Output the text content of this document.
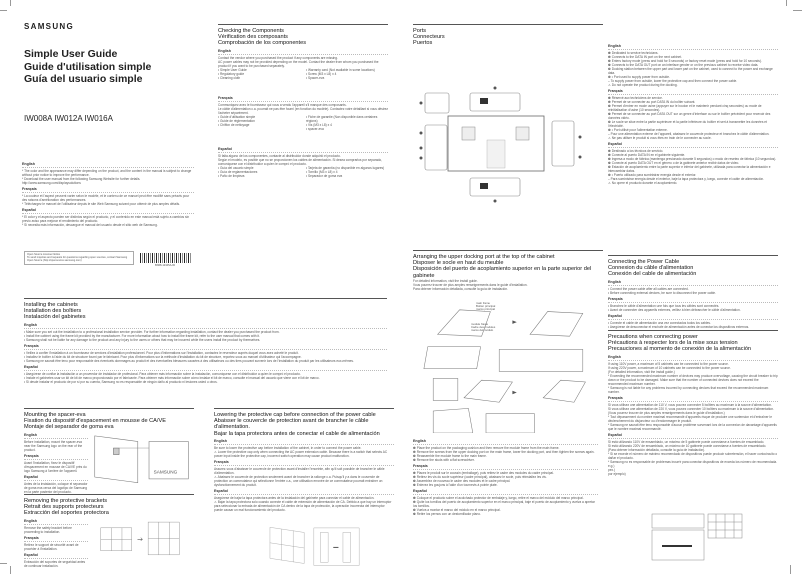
SAMSUNG
Simple User Guide
Guide d'utilisation simple
Guía del usuario simple
IW008A IW012A IW016A
English
* The color and the appearance may differ depending on the product, and the content in the manual is subject to change without prior notice to improve the performance.
* Download the user manual from the following Samsung Website for further details. http://www.samsung.com/displaysolutions
Français
* La couleur et l'aspect peuvent varier selon le modèle, et le contenu de ce manuel peut être modifié sans préavis pour des raisons d'amélioration des performances.
* Téléchargez le manuel de l'utilisateur depuis le site Web Samsung suivant pour obtenir de plus amples détails.
Español
* El color y el aspecto pueden ser distintos según el producto, y el contenido en este manual está sujeto a cambios sin previo aviso para mejorar el rendimiento del producto.
* Si necesita más información, descargue el manual del usuario desde el sitio web de Samsung.
Open Source License Notice
To send inquiries and requests for questions regarding open sources, contact Samsung Open Source (http://opensource.samsung.com)
BN68-12345A-00
SAMSUNG
main frame
Boîtier principal
marco principal
module frame
Cadre des modules
marco del módulo
Checking the Components
Vérification des composants
Comprobación de los componentes
English
Contact the vendor where you purchased the product if any components are missing.
AC power cables may not be provided depending on the model. Contact the dealer from whom you purchased the product if you want to be purchased separately.
• Simple User Guide
• Regulatory guide
• Cleaning cloth
• Warranty card (Not available in some locations)
• Screw (M3 x L8) x 4
• Spacer-eva
Français
Communiquez avec le fournisseur qui vous a vendu l'appareil s'il manque des composants.
Le câble d'alimentation c.a. pourrait ne pas être fourni (en fonction du modèle). Contactez votre détaillant si vous désirez l'acheter séparément.
• Guide d'utilisation simple
• Guide de réglementation
• Chiffon de nettoyage
• Fiche de garantie (Non disponible dans certaines régions)
• Vis (M3 x L8) x 4
• spacer-eva
Español
Si falta alguno de los componentes, contacte al distribuidor donde adquirió el producto.
Según el modelo, es posible que no se proporcionen los cables de alimentación. Si desea comprarlos por separado, comuníquese con el distribuidor a quien le compró el producto.
• Guía del usuario simple
• Guía de reglamentaciones
• Paño de limpieza
• Tarjeta de garantía (no disponible en algunos lugares)
• Tornillo (M3 x L8) x 4
• Separador de goma eva
Ports
Connecteurs
Puertos	English
❶ Dedicated to service technicians.
❷ Connects to the DATA IN port on the next cabinet.
❸ Enters factory mode (press and hold for 5 seconds) or factory reset mode (press and hold for 10 seconds).
❹ Connects to the DATA OUT port on an interface gender or on the previous cabinet to receive video data.
❺ Docking station between the upper part and lower part on the cabinet, used to connect to the power and exchange data.
❻ • Port used to supply power from outside.
– To supply power from outside, lower the protective cap and then connect the power cable.
⚠ Do not operate the product during the docking.
Français
❶ Réservé aux techniciens de service.
❷ Permet de se connecter au port DATA IN du boîtier suivant.
❸ Permet d'entrer en mode usine (appuyer sur le bouton et le maintenir pendant cinq secondes) ou mode de réinitialisation d'usine (10 secondes).
❹ Permet de se connecter au port DATA OUT sur un genre d'interface ou sur le boîtier précédent pour recevoir des données vidéo.
❺ Le socle se situe entre la partie supérieure et la partie inférieure du boîtier et sert à transmettre les données et l'électricité.
❻ • Port utilisé pour l'alimentation externe.
– Pour une alimentation externe de l'appareil, abaissez le couvercle protecteur et branchez le câble d'alimentation.
⚠ Ne pas utiliser le produit si vous êtes en train de le connecter au socle.
Español
❶ Destinado a los técnicos de servicio.
❷ Conecte al puerto DATA IN en el gabinete siguiente.
❸ Ingresa a modo de fábrica (mantenga presionado durante 5 segundos) o modo de reseteo de fábrica (10 segundos).
❹ Conecte al puerto DATA OUT en el género o de la gabinete anterior recibir datos de video.
❺ Estación de acoplamiento entre la parte superior e inferior del gabinete, utilizada para conectar la alimentación e intercambiar datos.
❻ • Puerto utilizado para suministrar energía desde el exterior.
– Para suministrar energía desde el exterior, baje la tapa protectora y, luego, conecte el cable de alimentación.
⚠ No opere el producto durante el acoplamiento.
Arranging the upper docking port at the top of the cabinet
Disposer le socle en haut du meuble
Disposición del puerto de acoplamiento superior en la parte superior del gabinete
For detailed information, visit the install guide.
Vous pourrez trouver de plus amples renseignements dans le guide d'installation.
Para obtener información detallada, consulte la guía de instalación.
English
❶ Place the product on the packaging cushion and then remove the module frame from the main frame.
❷ Remove the screws from the upper docking port on the main frame, lower the docking port, and then tighten the screws again.
❸ Reassemble the module frame to the main frame.
❹ Remove the studs with a flat screwdriver.
Français
❶ Placez le produit sur le coussin (emballage), puis retirez le cadre des modules du cadre principal.
❷ Retirez les vis du socle supérieur (cadre principal), abaissez le socle, puis réinstallez les vis.
❸ Assemblez de nouveau le cadre des modules et le cadre principal.
❹ Enlevez les goujons à l'aide d'un tournevis à pointe plate.
Español
❶ Coloque el producto sobre el acolchado protector de embalaje y, luego, retire el marco del módulo del marco principal.
❷ Quite los tornillos del puerto de acoplamiento superior en el marco principal, baje el puerto de acoplamiento y vuelva a apretar los tornillos.
❸ Vuelva a montar el marco del módulo en el marco principal.
❹ Retire los pernos con un destornillador plano.
Connecting the Power Cable
Connexion du câble d'alimentation
Conexión del cable de alimentación
English
• Connect the power cable after all cables are connected.
• Before connecting external devices, be sure to disconnect the power cable.
Français
• Branchez le câble d'alimentation une fois que tous les câbles sont connectés.
• Avant de connecter des appareils externes, veillez à bien débrancher le câble d'alimentation.
Español
• Conecte el cable de alimentación una vez conectados todos los cables.
• Asegúrese de desconectar el enchufe de alimentación antes de conectar los dispositivos externos.
Precautions when connecting power
Précautions à respecter lors de la mise sous tension
Precauciones al momento de conexión de la alimentación
English
If using 110V power, a maximum of 5 cabinets can be connected to the power source.
If using 220V power, a maximum of 10 cabinets can be connected to the power source.
(For detailed information, visit the install guide.)
* Exceeding the recommended maximum number of devices may produce overvoltage, causing the circuit breaker to trip down or the product to be damaged. Make sure that the number of connected devices does not exceed the recommended maximum number.
* Samsung is not liable for any problems incurred by connecting devices that exceed the recommended maximum number.
Français
Si vous utilisez une alimentation de 110 V, vous pouvez connecter 5 boîtiers au maximum à la source d'alimentation.
Si vous utilisez une alimentation de 220 V, vous pouvez connecter 10 boîtiers au maximum à la source d'alimentation.
(Vous pourrez trouver de plus amples renseignements dans le guide d'installation.)
* Tout dépassement du nombre maximal recommandé d'appareils risque de produire une surtension et d'entraîner le déclenchement du disjoncteur ou d'endommager le produit.
* Samsung ne saurait être tenu responsable d'aucun problème survenant lors de la connexion de davantage d'appareils que le nombre maximal recommandé.
Español
Si está utilizando 110V de ensamblado, un máximo de 5 gabinete puede conectarse a fuentes de ensamblado.
Si está utilizando 220V de ensamblado, un máximo de 10 gabinete puede conectarse a fuentes de ensamblado.
(Para obtener información detallada, consulte la guía de instalación).
* Si se excede el número de máximo recomendado de dispositivos puede producir sobretensión, el hacer cortocircuito o dañar el producto.
* Samsung no es responsable de problemas incurrir para conectar dispositivos de exceda los número de recomendada.
e.g.)
pex.)
por ejemplo)
Installing the cabinets
Installation des boîtiers
Instalación del gabinetes
English
• Make sure you set out the installation to a professional installation service provider. For further information regarding installation, contact the dealer you purchased the product from.
• Install the cabinet using the frame kit provided by the manufacturer. For more information about how to install the frame kit, refer to the user manual that comes with it.
• Samsung shall not be liable for any damage to the product and any injury to the users or others that may be incurred while the users install the product by themselves.
Français
• Veillez à confier l'installation à un fournisseur de services d'installation professionnel. Pour plus d'informations sur l'installation, contactez le revendeur auprès duquel vous avez acheté le produit.
• Installez le boîtier à l'aide du kit de structure fourni par le fabricant. Pour plus d'informations sur la méthode d'installation du kit de structure, reportez-vous au manuel d'utilisateur qui l'accompagne.
• Samsung ne saurait être tenu pour responsable des éventuels dommages au produit et des éventuelles blessures causées à des utilisateurs ou des tiers pouvant survenir lors de l'installation du produit par les utilisateurs eux-mêmes.
Español
• Asegúrese de confiar la instalación a un proveedor de instalador de profesional. Para obtener más información sobre la instalación, comuníquese con el distribuidor a quien le compró el producto.
• Instale el gabinetes usar un kit de kit de marco proporcionado por el fabricante. Para obtener más información sobre cómo instalar el kit de marco, consulte el manual del usuario que viene con el kit de marco.
• Si desde instalar el producto de por sí por su cuenta, Samsung no es responsable de ningún daño al producto ni lesiones usted u otros.
Mounting the spacer-eva
Fixation du dispositif d'espacement en mousse de CA/VE
Montaje del separador de goma eva
English
Before installation, mount the spacer-eva near the Samsung logo on the rear of the product.
Français
Avant l'installation, fixez le dispositif d'espacement en mousse de CA/VE près du logo Samsung à l'arrière de l'appareil.
Español
Antes de la instalación, coloque el separador de goma eva cerca del logotipo de Samsung en la parte posterior del producto.
Removing the protective brackets
Retrait des supports protecteurs
Extracción del soportes protectora
English
Remove the safety bracket before proceeding to installation.
Français
Retirez le support de sécurité avant de procéder à l'installation.
Español
Extracción del soportes de seguridad antes de continuar instalación.
Lowering the protective cap before connection of the power cable
Abaisser le couvercle de protection avant de brancher le câble d'alimentation.
Bajar la tapa protectora antes de conectar el cable de alimentación
English
Be sure to lower the protective cap before installation of the cabinet, in order to connect the power cable.
⚠ Lower the protective cap only when connecting the AC power extension cable. Because there is a switch that selects AC power input inside the protective cap, incorrect switch operation may cause product malfunction.
Français
Assurez-vous d'abaisser le couvercle de protection avant d'installer l'enceinte, afin qu'il soit possible de brancher le câble d'alimentation.
⚠ Abaissez le couvercle de protection seulement avant de brancher la rallonge c.a. Puisqu'il y a dans le couvercle de protection un commutateur qui sélectionne l'entrée c.a., une utilisation erronée de ce commutateur pourrait entraîner un dysfonctionnement du produit.
Español
Asegúrese de bajar la tapa protectora antes de la instalación del gabinete para conectar el cable de alimentación.
⚠ Bajar la tapa protectora solo cuando conecte el cable de extensión de alimentación de CA. Debido a que hay un interruptor para seleccionar la entrada de alimentación de CA dentro de la tapa de protección, la operación incorrecta del interruptor puede causar un mal funcionamiento del producto.
